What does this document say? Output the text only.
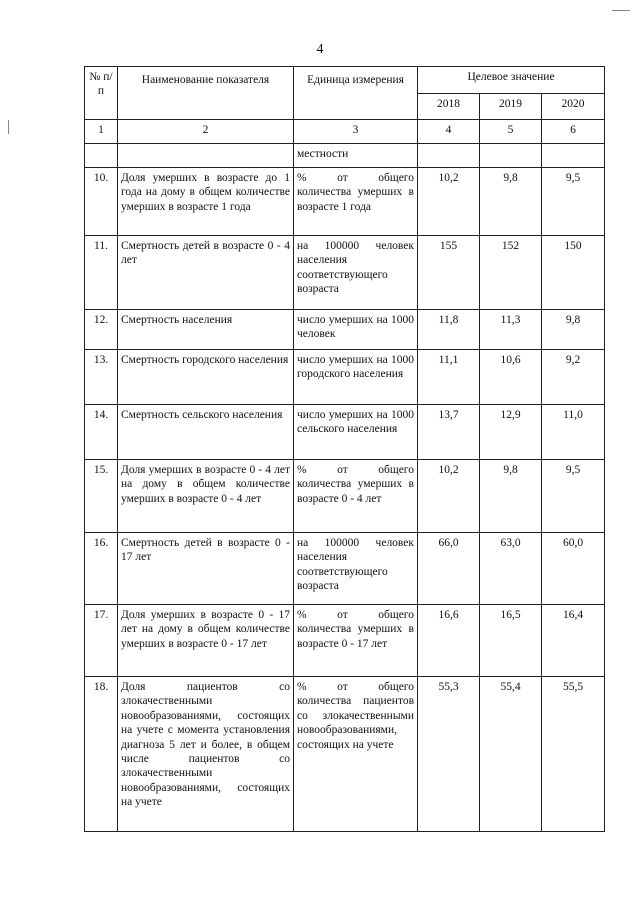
4
№ п/п	Наименование показателя	Единица измерения	Целевое значение		
			2018	2019	2020
1	2	3	4	5	6
		местности			
10.	Доля умерших в возрасте до 1 года на дому в общем количестве умерших в возрасте 1 года	% от общего количества умерших в возрасте 1 года	10,2	9,8	9,5
11.	Смертность детей в возрасте 0 - 4 лет	на 100000 человек населения соответствующего возраста	155	152	150
12.	Смертность населения	число умерших на 1000 человек	11,8	11,3	9,8
13.	Смертность городского населения	число умерших на 1000 городского населения	11,1	10,6	9,2
14.	Смертность сельского населения	число умерших на 1000 сельского населения	13,7	12,9	11,0
15.	Доля умерших в возрасте 0 - 4 лет на дому в общем количестве умерших в возрасте 0 - 4 лет	% от общего количества умерших в возрасте 0 - 4 лет	10,2	9,8	9,5
16.	Смертность детей в возрасте 0 - 17 лет	на 100000 человек населения соответствующего возраста	66,0	63,0	60,0
17.	Доля умерших в возрасте 0 - 17 лет на дому в общем количестве умерших в возрасте 0 - 17 лет	% от общего количества умерших в возрасте 0 - 17 лет	16,6	16,5	16,4
18.	Доля пациентов со злокачественными новообразованиями, состоящих на учете с момента установления диагноза 5 лет и более, в общем числе пациентов со злокачественными новообразованиями, состоящих на учете	% от общего количества пациентов со злокачественными новообразованиями, состоящих на учете	55,3	55,4	55,5
